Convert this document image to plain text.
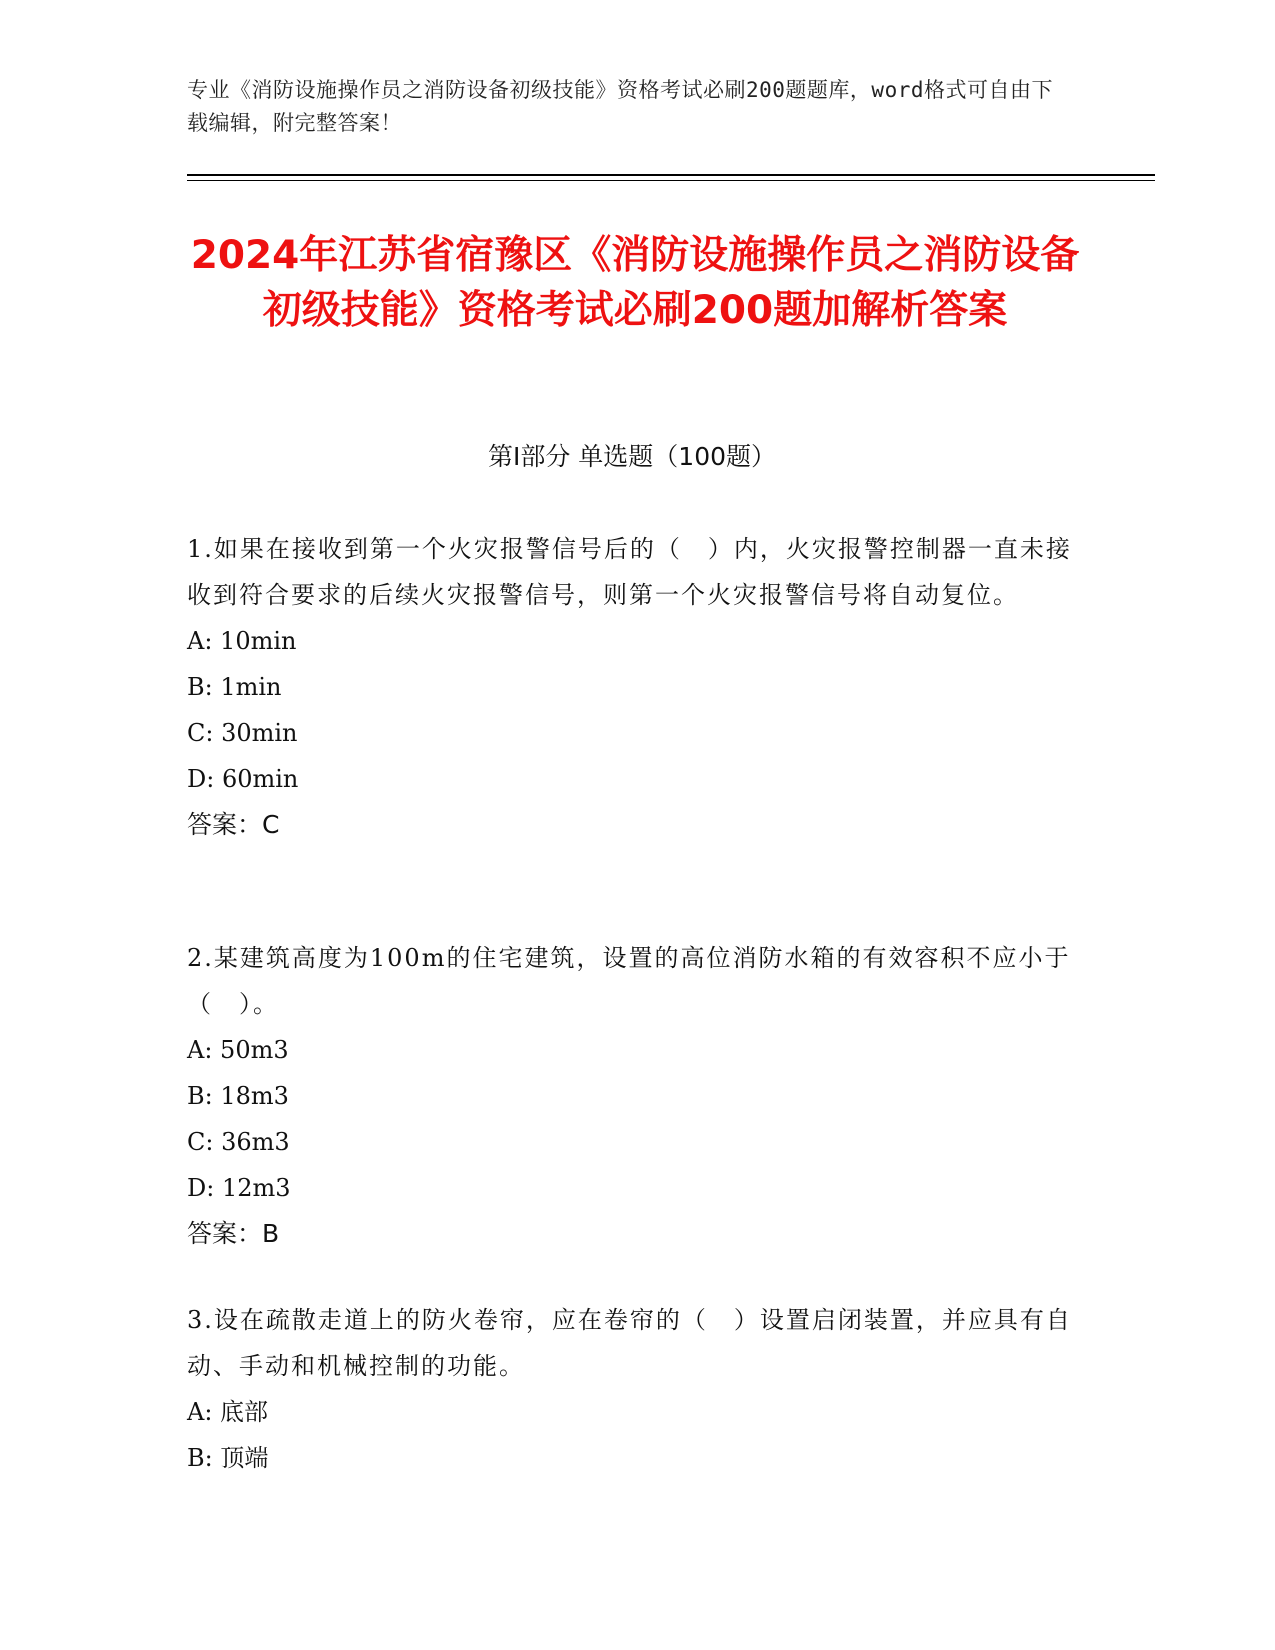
专业《消防设施操作员之消防设备初级技能》资格考试必刷200题题库，word格式可自由下载编辑，附完整答案！
2024年江苏省宿豫区《消防设施操作员之消防设备初级技能》资格考试必刷200题加解析答案
第I部分 单选题（100题）

1.如果在接收到第一个火灾报警信号后的（　）内，火灾报警控制器一直未接收到符合要求的后续火灾报警信号，则第一个火灾报警信号将自动复位。

A: 10min

B: 1min

C: 30min

D: 60min

答案：C

2.某建筑高度为100m的住宅建筑，设置的高位消防水箱的有效容积不应小于（　）。

A: 50m3

B: 18m3

C: 36m3

D: 12m3

答案：B

3.设在疏散走道上的防火卷帘，应在卷帘的（　）设置启闭装置，并应具有自动、手动和机械控制的功能。

A: 底部

B: 顶端
